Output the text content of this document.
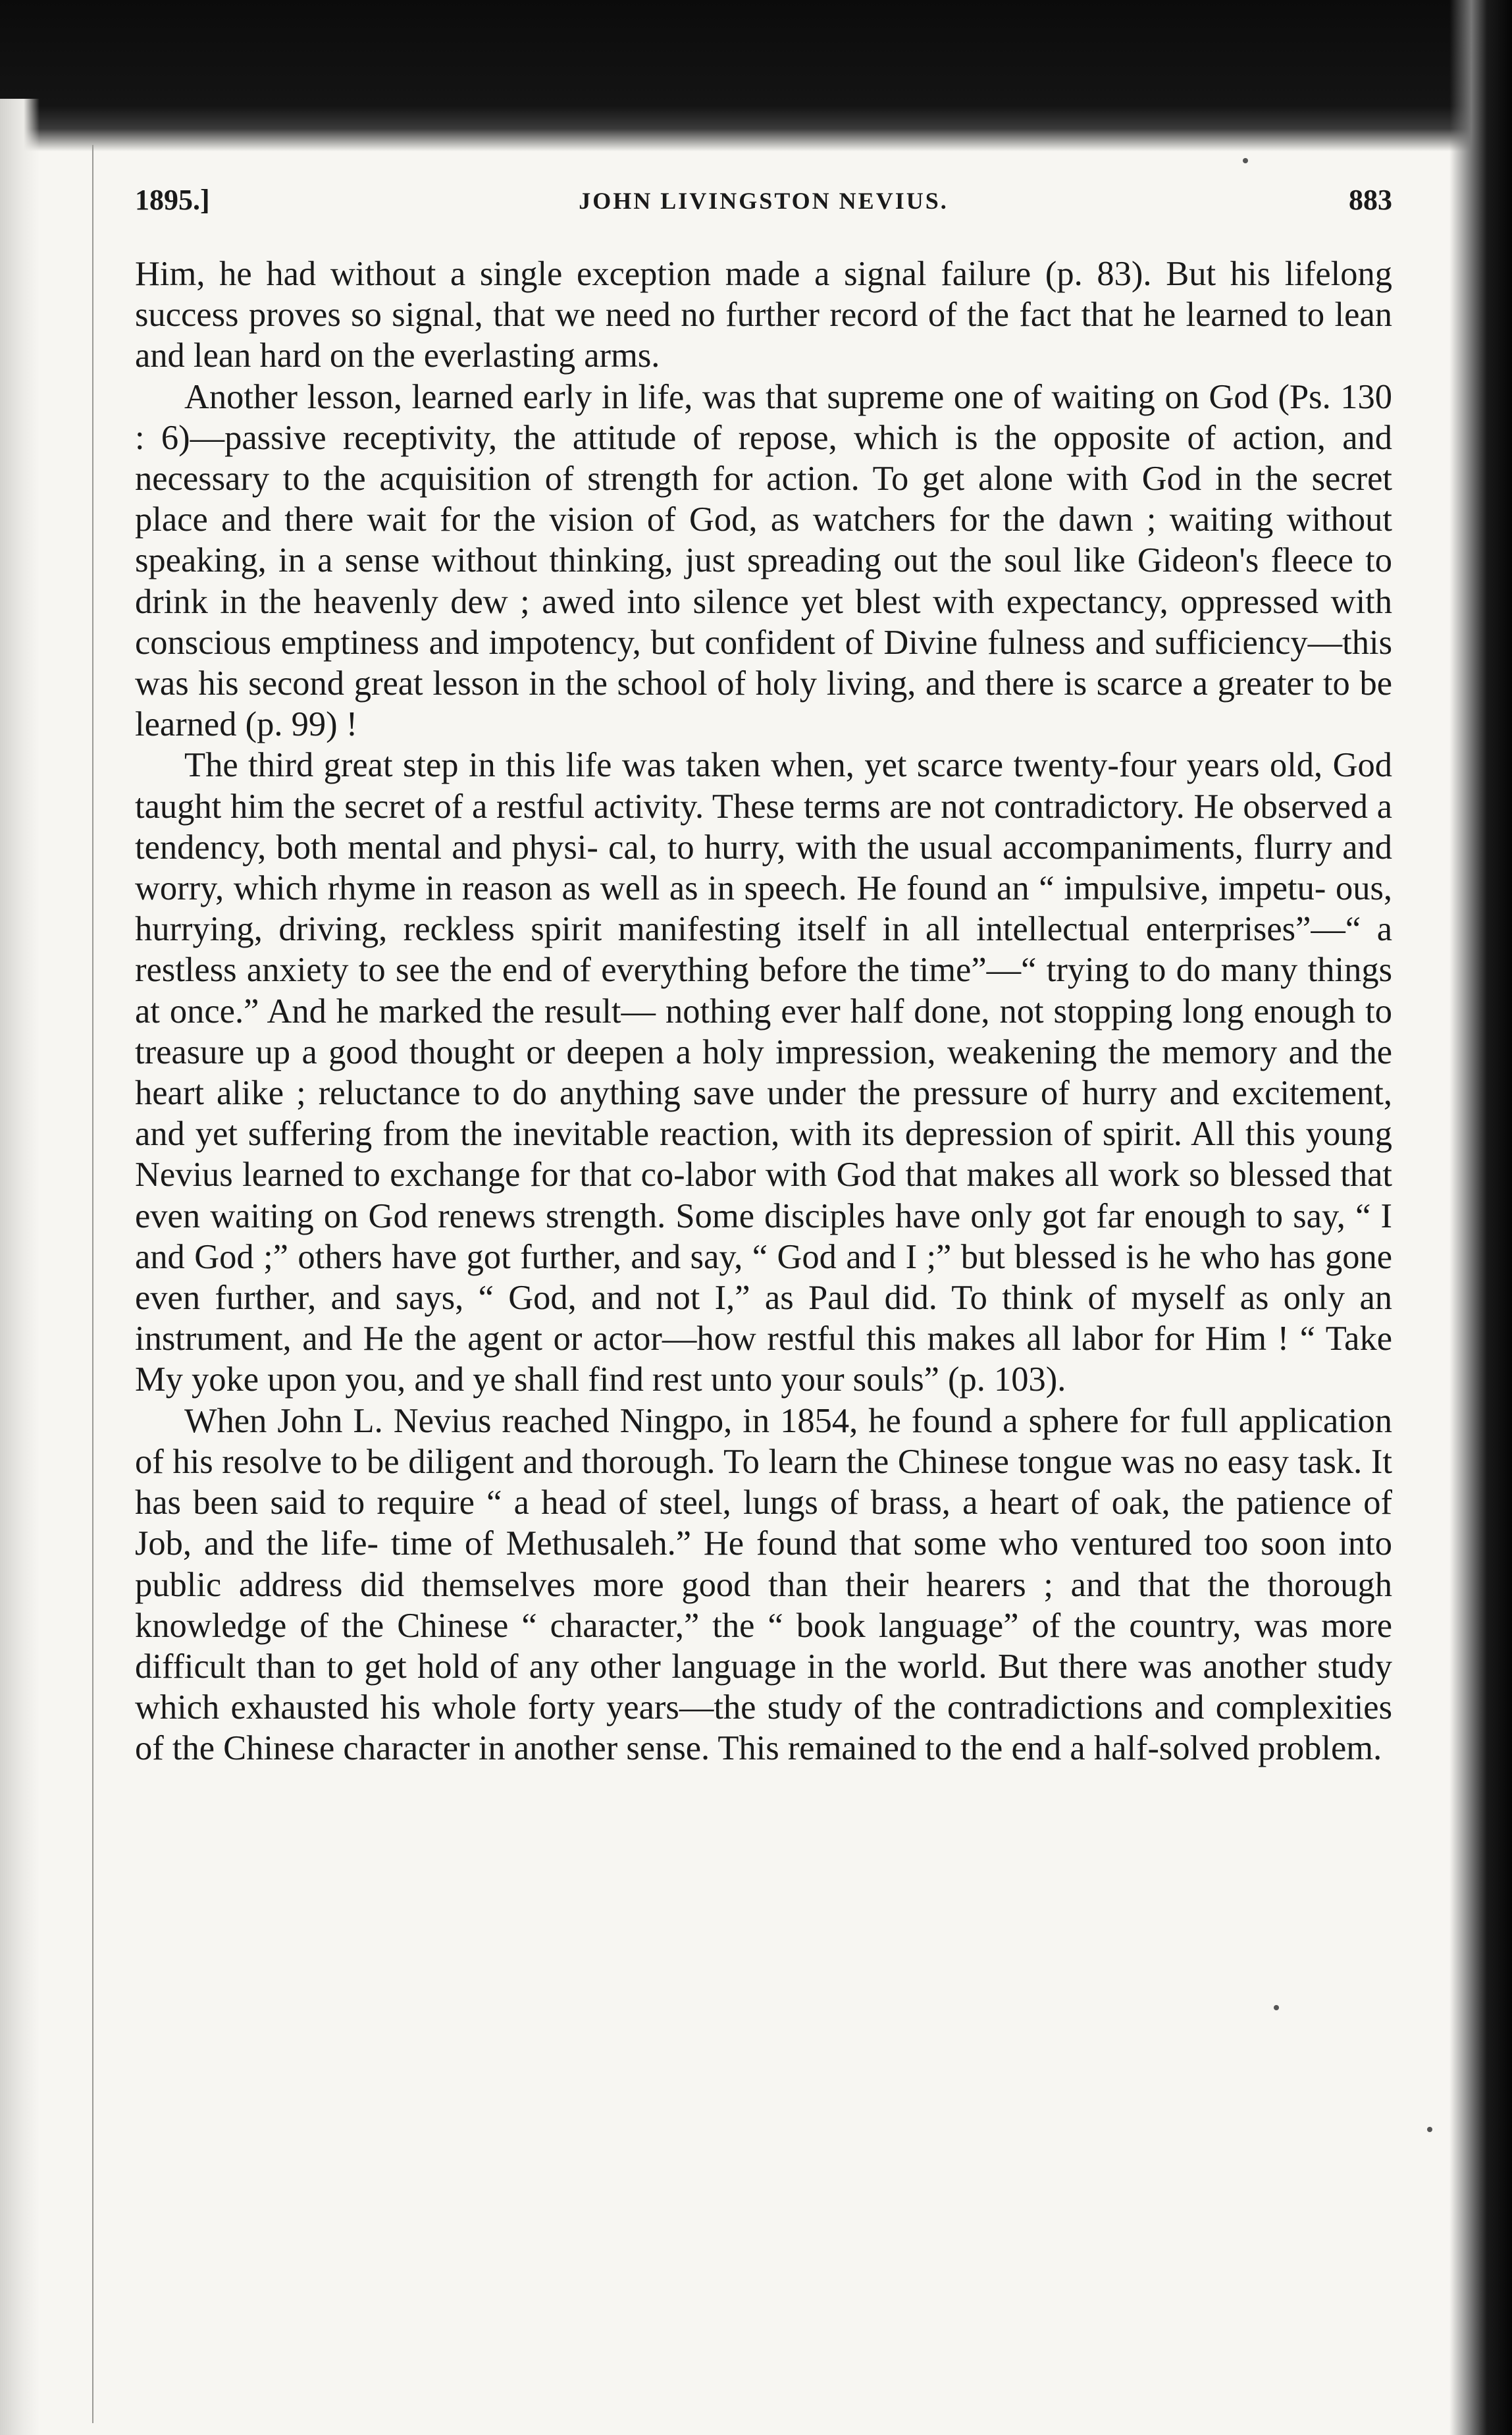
1895.]	JOHN LIVINGSTON NEVIUS.	883

Him, he had without a single exception made a signal failure (p. 83). But his lifelong success proves so signal, that we need no further record of the fact that he learned to lean and lean hard on the everlasting arms.

Another lesson, learned early in life, was that supreme one of waiting on God (Ps. 130 : 6)—passive receptivity, the attitude of repose, which is the opposite of action, and necessary to the acquisition of strength for action. To get alone with God in the secret place and there wait for the vision of God, as watchers for the dawn ; waiting without speaking, in a sense without thinking, just spreading out the soul like Gideon's fleece to drink in the heavenly dew ; awed into silence yet blest with expectancy, oppressed with conscious emptiness and impotency, but confident of Divine fulness and sufficiency—this was his second great lesson in the school of holy living, and there is scarce a greater to be learned (p. 99) !

The third great step in this life was taken when, yet scarce twenty-four years old, God taught him the secret of a restful activity. These terms are not contradictory. He observed a tendency, both mental and physi- cal, to hurry, with the usual accompaniments, flurry and worry, which rhyme in reason as well as in speech. He found an “ impulsive, impetu- ous, hurrying, driving, reckless spirit manifesting itself in all intellectual enterprises”—“ a restless anxiety to see the end of everything before the time”—“ trying to do many things at once.” And he marked the result— nothing ever half done, not stopping long enough to treasure up a good thought or deepen a holy impression, weakening the memory and the heart alike ; reluctance to do anything save under the pressure of hurry and excitement, and yet suffering from the inevitable reaction, with its depression of spirit. All this young Nevius learned to exchange for that co-labor with God that makes all work so blessed that even waiting on God renews strength. Some disciples have only got far enough to say, “ I and God ;” others have got further, and say, “ God and I ;” but blessed is he who has gone even further, and says, “ God, and not I,” as Paul did. To think of myself as only an instrument, and He the agent or actor—how restful this makes all labor for Him ! “ Take My yoke upon you, and ye shall find rest unto your souls” (p. 103).

When John L. Nevius reached Ningpo, in 1854, he found a sphere for full application of his resolve to be diligent and thorough. To learn the Chinese tongue was no easy task. It has been said to require “ a head of steel, lungs of brass, a heart of oak, the patience of Job, and the life- time of Methusaleh.” He found that some who ventured too soon into public address did themselves more good than their hearers ; and that the thorough knowledge of the Chinese “ character,” the “ book language” of the country, was more difficult than to get hold of any other language in the world. But there was another study which exhausted his whole forty years—the study of the contradictions and complexities of the Chinese character in another sense. This remained to the end a half-solved problem.
